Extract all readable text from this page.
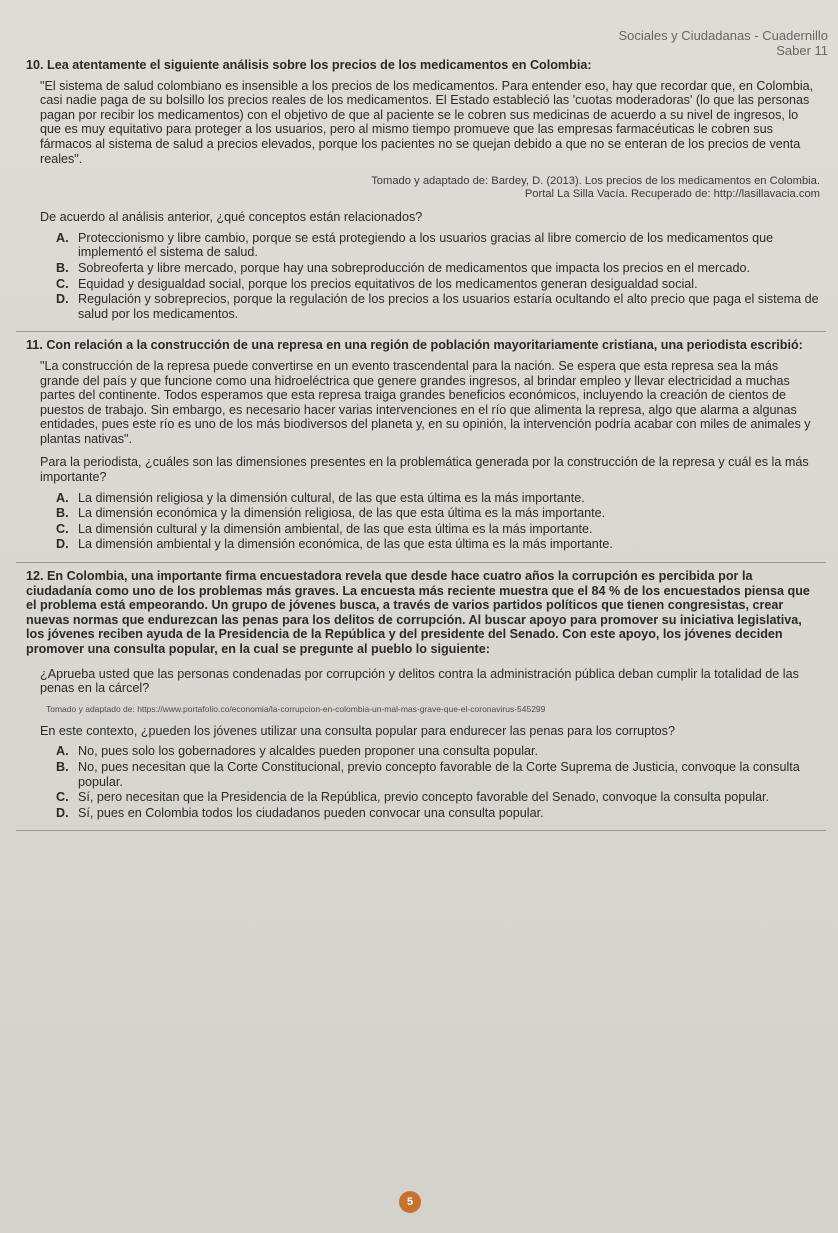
Sociales y Ciudadanas - Cuadernillo
Saber 11

10. Lea atentamente el siguiente análisis sobre los precios de los medicamentos en Colombia:

"El sistema de salud colombiano es insensible a los precios de los medicamentos. Para entender eso, hay que recordar que, en Colombia, casi nadie paga de su bolsillo los precios reales de los medicamentos. El Estado estableció las 'cuotas moderadoras' (lo que las personas pagan por recibir los medicamentos) con el objetivo de que al paciente se le cobren sus medicinas de acuerdo a su nivel de ingresos, lo que es muy equitativo para proteger a los usuarios, pero al mismo tiempo promueve que las empresas farmacéuticas le cobren sus fármacos al sistema de salud a precios elevados, porque los pacientes no se quejan debido a que no se enteran de los precios de venta reales".

Tomado y adaptado de: Bardey, D. (2013). Los precios de los medicamentos en Colombia.
Portal La Silla Vacía. Recuperado de: http://lasillavacia.com

De acuerdo al análisis anterior, ¿qué conceptos están relacionados?

A. Proteccionismo y libre cambio, porque se está protegiendo a los usuarios gracias al libre comercio de los medicamentos que implementó el sistema de salud.
B. Sobreoferta y libre mercado, porque hay una sobreproducción de medicamentos que impacta los precios en el mercado.
C. Equidad y desigualdad social, porque los precios equitativos de los medicamentos generan desigualdad social.
D. Regulación y sobreprecios, porque la regulación de los precios a los usuarios estaría ocultando el alto precio que paga el sistema de salud por los medicamentos.

11. Con relación a la construcción de una represa en una región de población mayoritariamente cristiana, una periodista escribió:

"La construcción de la represa puede convertirse en un evento trascendental para la nación. Se espera que esta represa sea la más grande del país y que funcione como una hidroeléctrica que genere grandes ingresos, al brindar empleo y llevar electricidad a muchas partes del continente. Todos esperamos que esta represa traiga grandes beneficios económicos, incluyendo la creación de cientos de puestos de trabajo. Sin embargo, es necesario hacer varias intervenciones en el río que alimenta la represa, algo que alarma a algunas entidades, pues este río es uno de los más biodiversos del planeta y, en su opinión, la intervención podría acabar con miles de animales y plantas nativas".

Para la periodista, ¿cuáles son las dimensiones presentes en la problemática generada por la construcción de la represa y cuál es la más importante?

A. La dimensión religiosa y la dimensión cultural, de las que esta última es la más importante.
B. La dimensión económica y la dimensión religiosa, de las que esta última es la más importante.
C. La dimensión cultural y la dimensión ambiental, de las que esta última es la más importante.
D. La dimensión ambiental y la dimensión económica, de las que esta última es la más importante.

12. En Colombia, una importante firma encuestadora revela que desde hace cuatro años la corrupción es percibida por la ciudadanía como uno de los problemas más graves. La encuesta más reciente muestra que el 84 % de los encuestados piensa que el problema está empeorando. Un grupo de jóvenes busca, a través de varios partidos políticos que tienen congresistas, crear nuevas normas que endurezcan las penas para los delitos de corrupción. Al buscar apoyo para promover su iniciativa legislativa, los jóvenes reciben ayuda de la Presidencia de la República y del presidente del Senado. Con este apoyo, los jóvenes deciden promover una consulta popular, en la cual se pregunte al pueblo lo siguiente:

¿Aprueba usted que las personas condenadas por corrupción y delitos contra la administración pública deban cumplir la totalidad de las penas en la cárcel?

Tomado y adaptado de: https://www.portafolio.co/economia/la-corrupcion-en-colombia-un-mal-mas-grave-que-el-coronavirus-545299

En este contexto, ¿pueden los jóvenes utilizar una consulta popular para endurecer las penas para los corruptos?

A. No, pues solo los gobernadores y alcaldes pueden proponer una consulta popular.
B. No, pues necesitan que la Corte Constitucional, previo concepto favorable de la Corte Suprema de Justicia, convoque la consulta popular.
C. Sí, pero necesitan que la Presidencia de la República, previo concepto favorable del Senado, convoque la consulta popular.
D. Sí, pues en Colombia todos los ciudadanos pueden convocar una consulta popular.
5
